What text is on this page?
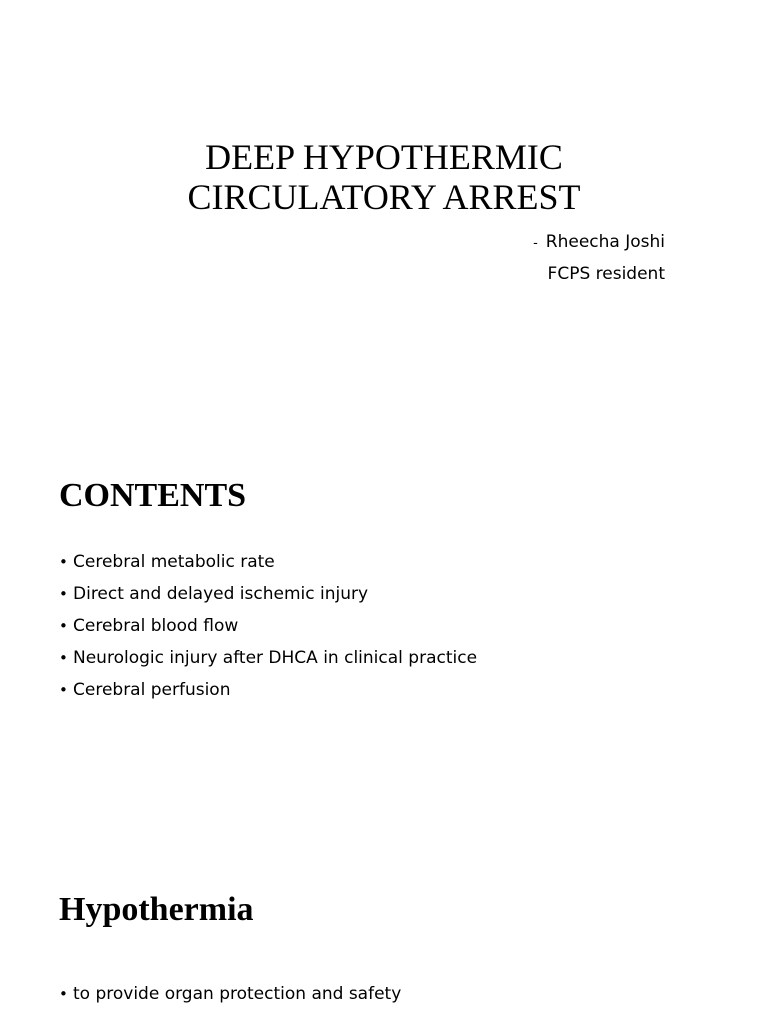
DEEP HYPOTHERMIC
CIRCULATORY ARREST
- Rheecha Joshi
FCPS resident
CONTENTS
• Cerebral metabolic rate
• Direct and delayed ischemic injury
• Cerebral blood flow
• Neurologic injury after DHCA in clinical practice
• Cerebral perfusion
Hypothermia
• to provide organ protection and safety
